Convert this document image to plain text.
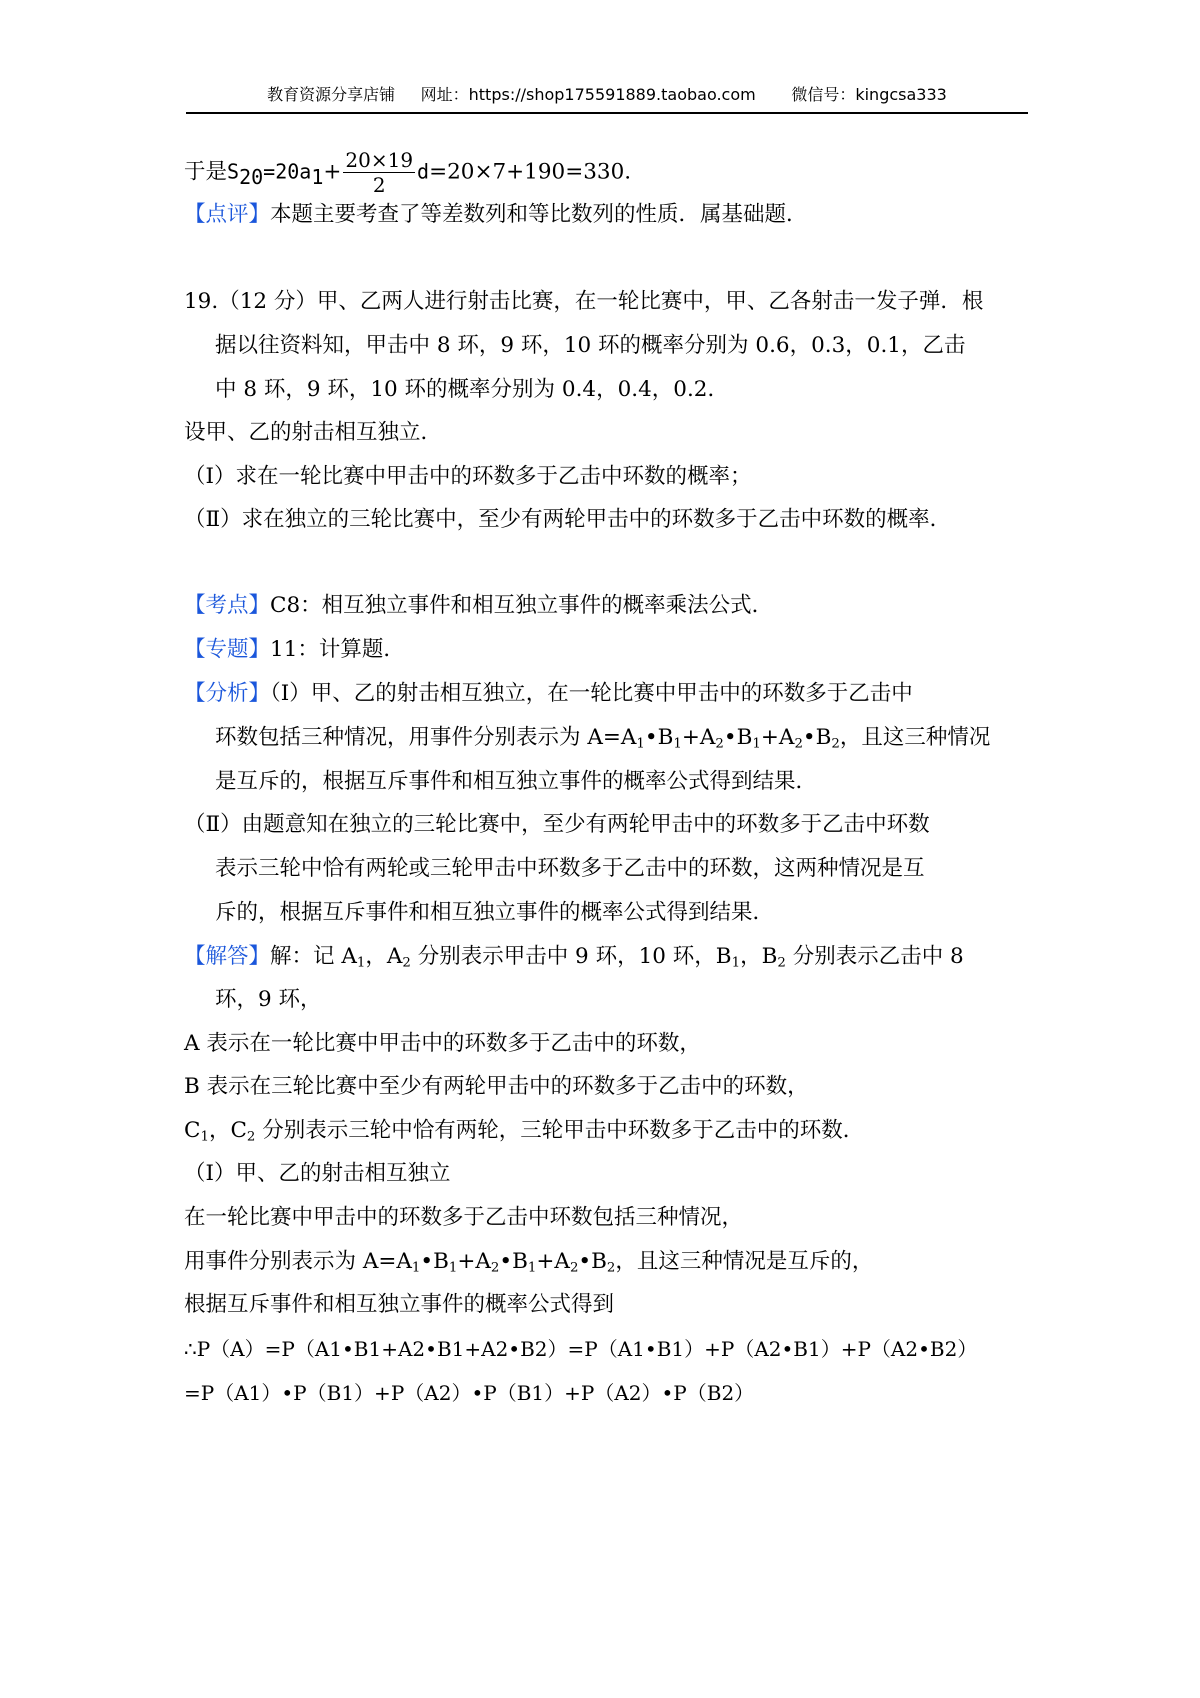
教育资源分享店铺 网址：https://shop175591889.taobao.com 微信号：kingcsa333
于是$S_{20}=20a_1+ \frac{20\times 19}{2} d=20\times 7+190=330$.
【点评】本题主要考查了等差数列和等比数列的性质．属基础题．
19.（12 分）甲、乙两人进行射击比赛，在一轮比赛中，甲、乙各射击一发子弹．根
据以往资料知，甲击中 8 环，9 环，10 环的概率分别为 0.6，0.3，0.1，乙击
中 8 环，9 环，10 环的概率分别为 0.4，0.4，0.2．
设甲、乙的射击相互独立．
（Ⅰ）求在一轮比赛中甲击中的环数多于乙击中环数的概率；
（Ⅱ）求在独立的三轮比赛中，至少有两轮甲击中的环数多于乙击中环数的概率．
【考点】C8：相互独立事件和相互独立事件的概率乘法公式．
【专题】11：计算题．
【分析】（Ⅰ）甲、乙的射击相互独立，在一轮比赛中甲击中的环数多于乙击中
环数包括三种情况，用事件分别表示为 $A=A_1•B_1+A_2•B_1+A_2•B_2$，且这三种情况
是互斥的，根据互斥事件和相互独立事件的概率公式得到结果．
（Ⅱ）由题意知在独立的三轮比赛中，至少有两轮甲击中的环数多于乙击中环数
表示三轮中恰有两轮或三轮甲击中环数多于乙击中的环数，这两种情况是互
斥的，根据互斥事件和相互独立事件的概率公式得到结果．
【解答】解：记 $A_1$，$A_2$ 分别表示甲击中 9 环，10 环，$B_1$，$B_2$ 分别表示乙击中 8
环，9 环，
A 表示在一轮比赛中甲击中的环数多于乙击中的环数，
B 表示在三轮比赛中至少有两轮甲击中的环数多于乙击中的环数，
$C_1$，$C_2$ 分别表示三轮中恰有两轮，三轮甲击中环数多于乙击中的环数．
（Ⅰ）甲、乙的射击相互独立
在一轮比赛中甲击中的环数多于乙击中环数包括三种情况，
用事件分别表示为 $A=A_1•B_1+A_2•B_1+A_2•B_2$，且这三种情况是互斥的，
根据互斥事件和相互独立事件的概率公式得到
∴P（A）=P（A1•B1+A2•B1+A2•B2）=P（A1•B1）+P（A2•B1）+P（A2•B2）
=P（A1）•P（B1）+P（A2）•P（B1）+P（A2）•P（B2）
